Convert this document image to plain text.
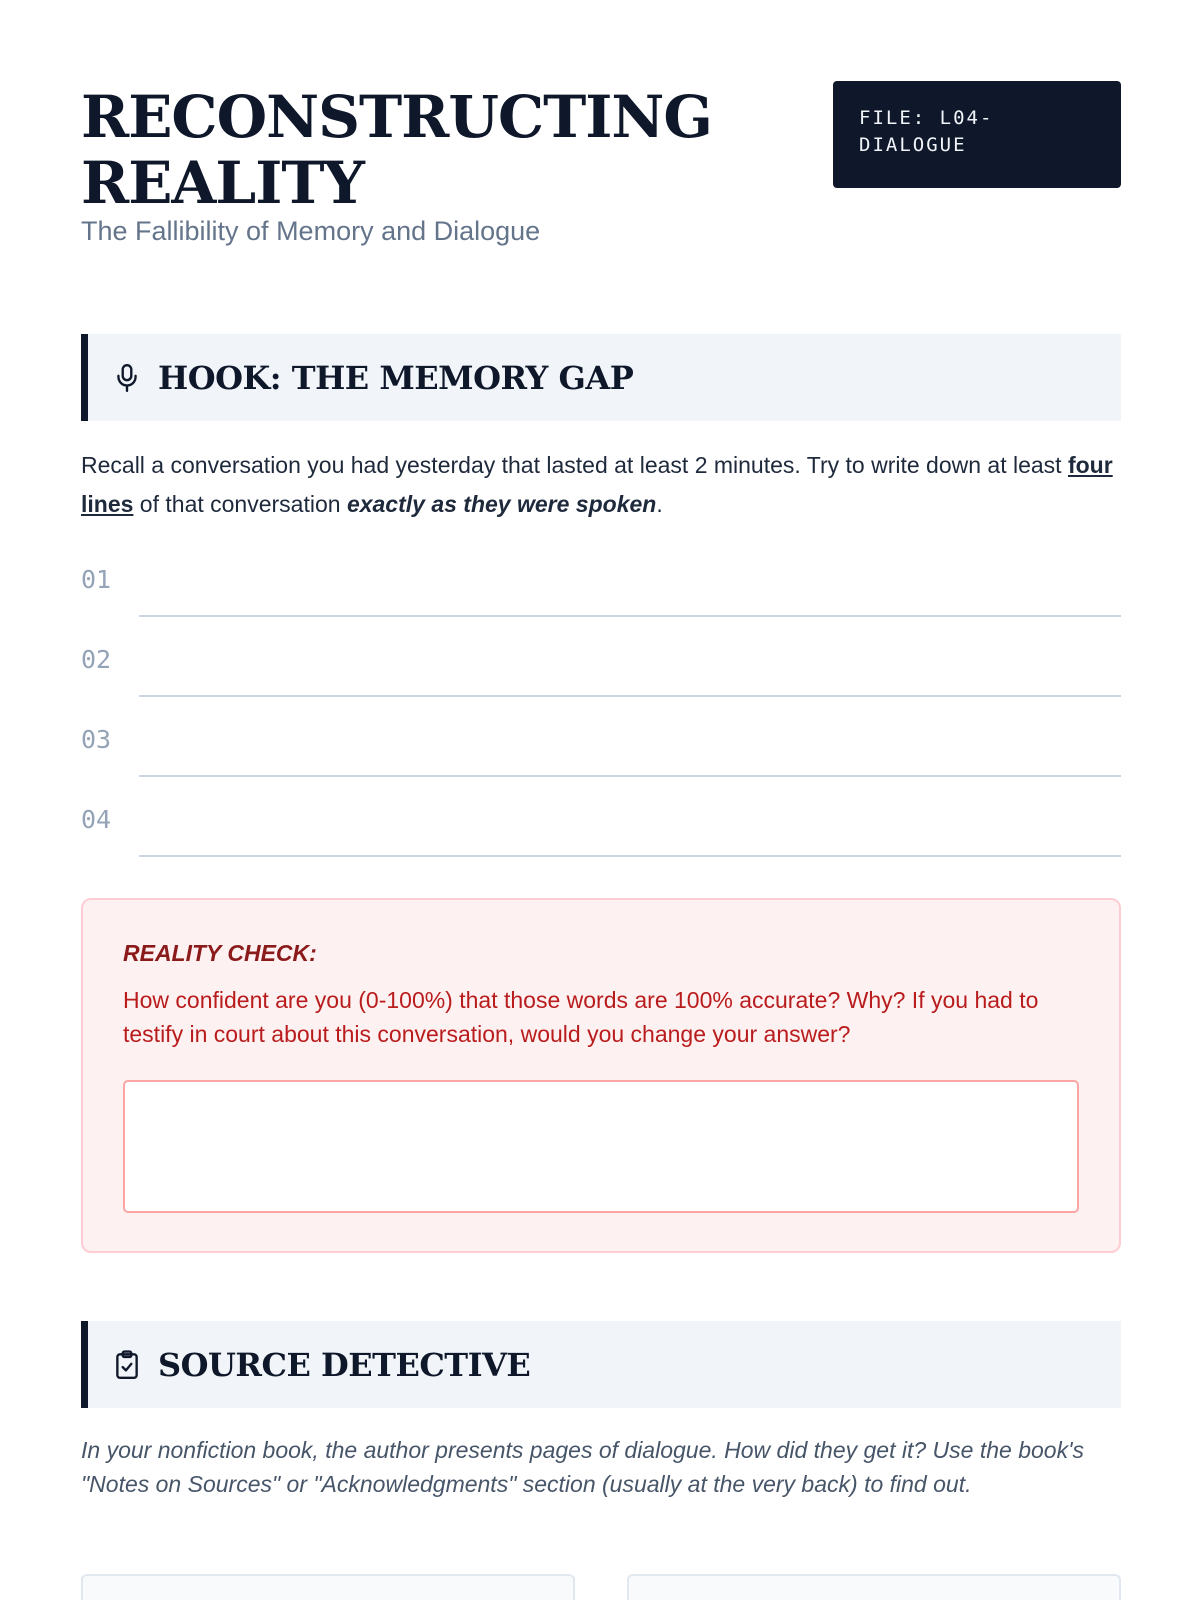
RECONSTRUCTING REALITY
The Fallibility of Memory and Dialogue
FILE: L04-DIALOGUE
HOOK: THE MEMORY GAP

Recall a conversation you had yesterday that lasted at least 2 minutes. Try to write down at least four lines of that conversation exactly as they were spoken.

01
02
03
04
REALITY CHECK:
How confident are you (0-100%) that those words are 100% accurate? Why? If you had to testify in court about this conversation, would you change your answer?
SOURCE DETECTIVE

In your nonfiction book, the author presents pages of dialogue. How did they get it? Use the book's "Notes on Sources" or "Acknowledgments" section (usually at the very back) to find out.
